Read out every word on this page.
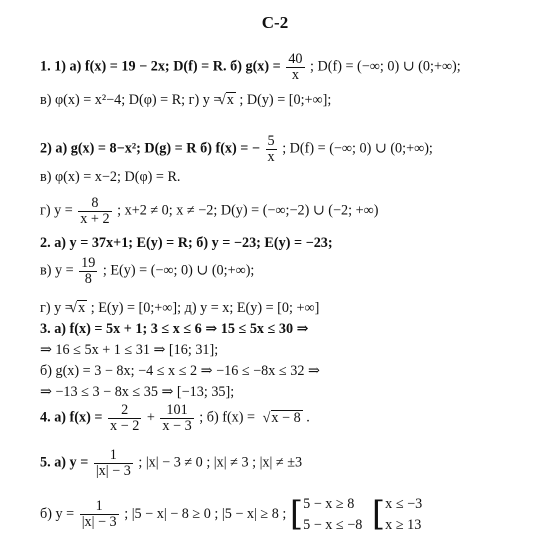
С-2
1. 1) а) f(x) = 19 − 2x; D(f) = R. б) $g(x) = \frac{40}{x}$ ; D(f) = (−∞; 0) ∪ (0;+∞);
в) φ(x) = x²−4; D(φ) = R; г) y = √ x ; D(y) = [0;+∞];
2) а) g(x) = 8−x²; D(g) = R б) f(x) = − $\frac{5}{x}$ ; D(f) = (−∞; 0) ∪ (0;+∞);
в) φ(x) = x−2; D(φ) = R.
г) $y = \frac{8}{x + 2}$ ; x+2 ≠ 0; x ≠ −2; D(y) = (−∞;−2) ∪ (−2; +∞)
2. а) y = 37x+1; E(y) = R; б) y = −23; E(y) = −23;
в) $y = \frac{19}{8}$ ; E(y) = (−∞; 0) ∪ (0;+∞);
г) y = √ x ; E(y) = [0;+∞]; д) y = x; E(y) = [0; +∞]
3. а) f(x) = 5x + 1; 3 ≤ x ≤ 6 ⇒ 15 ≤ 5x ≤ 30 ⇒
⇒ 16 ≤ 5x + 1 ≤ 31 ⇒ [16; 31];
б) g(x) = 3 − 8x; −4 ≤ x ≤ 2 ⇒ −16 ≤ −8x ≤ 32 ⇒
⇒ −13 ≤ 3 − 8x ≤ 35 ⇒ [−13; 35];
4. а) $f(x) = \frac{2}{x - 2} + \frac{101}{x - 3}$ ; б) f(x) = √ x − 8 .
5. а) $y = \frac{1}{|x| - 3}$ ; |x| − 3 ≠ 0 ; |x| ≠ 3 ; |x| ≠ ±3
б) $y = \frac{1}{|x| - 3}$ ; |5 − x| − 8 ≥ 0 ; |5 − x| ≥ 8 ; [ 5 − x ≥ 8
5 − x ≤ −8 [ x ≤ −3
x ≥ 13
